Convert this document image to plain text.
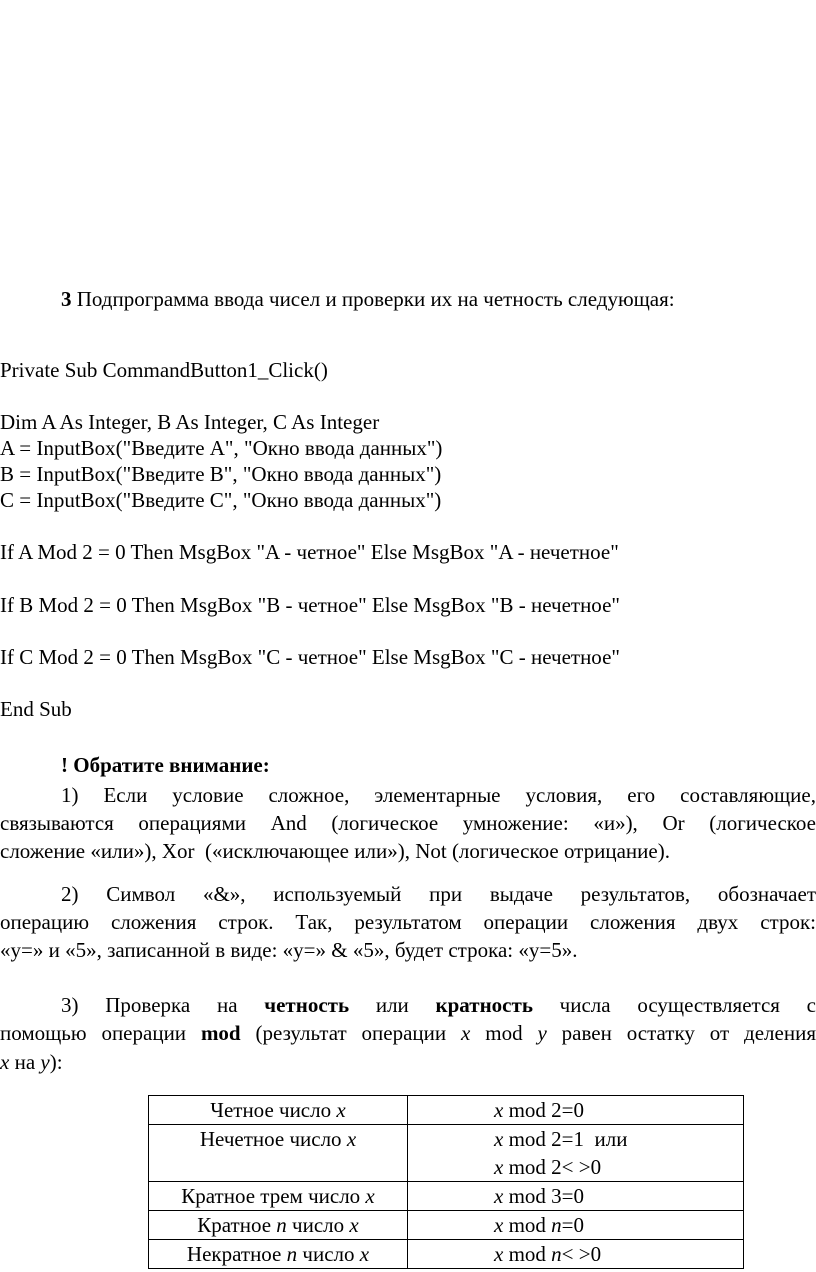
3 Подпрограмма ввода чисел и проверки их на четность следующая:
Private Sub CommandButton1_Click()
Dim A As Integer, B As Integer, C As Integer
A = InputBox("Введите A", "Окно ввода данных")
B = InputBox("Введите B", "Окно ввода данных")
C = InputBox("Введите C", "Окно ввода данных")
If A Mod 2 = 0 Then MsgBox "A - четное" Else MsgBox "A - нечетное"
If B Mod 2 = 0 Then MsgBox "B - четное" Else MsgBox "B - нечетное"
If C Mod 2 = 0 Then MsgBox "C - четное" Else MsgBox "C - нечетное"
End Sub
! Обратите внимание:
1) Если условие сложное, элементарные условия, его составляющие,
связываются операциями And (логическое умножение: «и»), Or (логическое
сложение «или»), Xor  («исключающее или»), Not (логическое отрицание).
2) Символ «&», используемый при выдаче результатов, обозначает
операцию сложения строк. Так, результатом операции сложения двух строк:
«y=» и «5», записанной в виде: «y=» & «5», будет строка: «y=5».
3) Проверка на четность или кратность числа осуществляется с
помощью операции mod (результат операции x mod y равен остатку от деления
x на y):
Четное число x	x mod 2=0
Нечетное число x	x mod 2=1  или
x mod 2< >0

Кратное трем число x	x mod 3=0
Кратное n число x	x mod n=0
Некратное n число x	x mod n< >0
